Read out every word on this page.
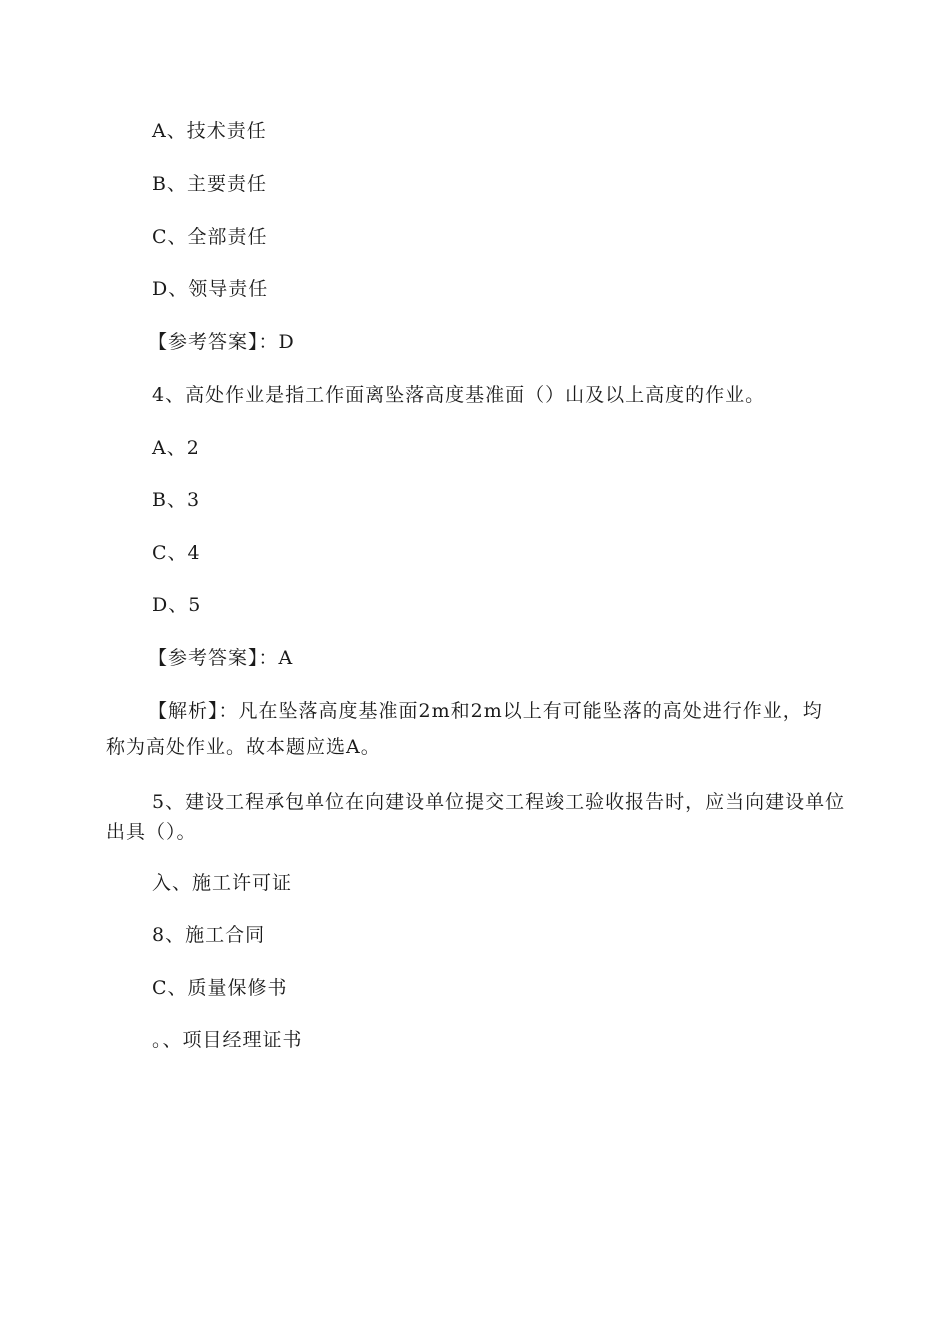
A、技术责任
B、主要责任
C、全部责任
D、领导责任
【参考答案】：D
4、高处作业是指工作面离坠落高度基准面（）山及以上高度的作业。
A、2
B、3
C、4
D、5
【参考答案】：A
【解析】：凡在坠落高度基准面2m和2m以上有可能坠落的高处进行作业，均
称为高处作业。故本题应选A。
5、建设工程承包单位在向建设单位提交工程竣工验收报告时，应当向建设单位
出具（）。
入、施工许可证
8、施工合同
C、质量保修书
。、项目经理证书
